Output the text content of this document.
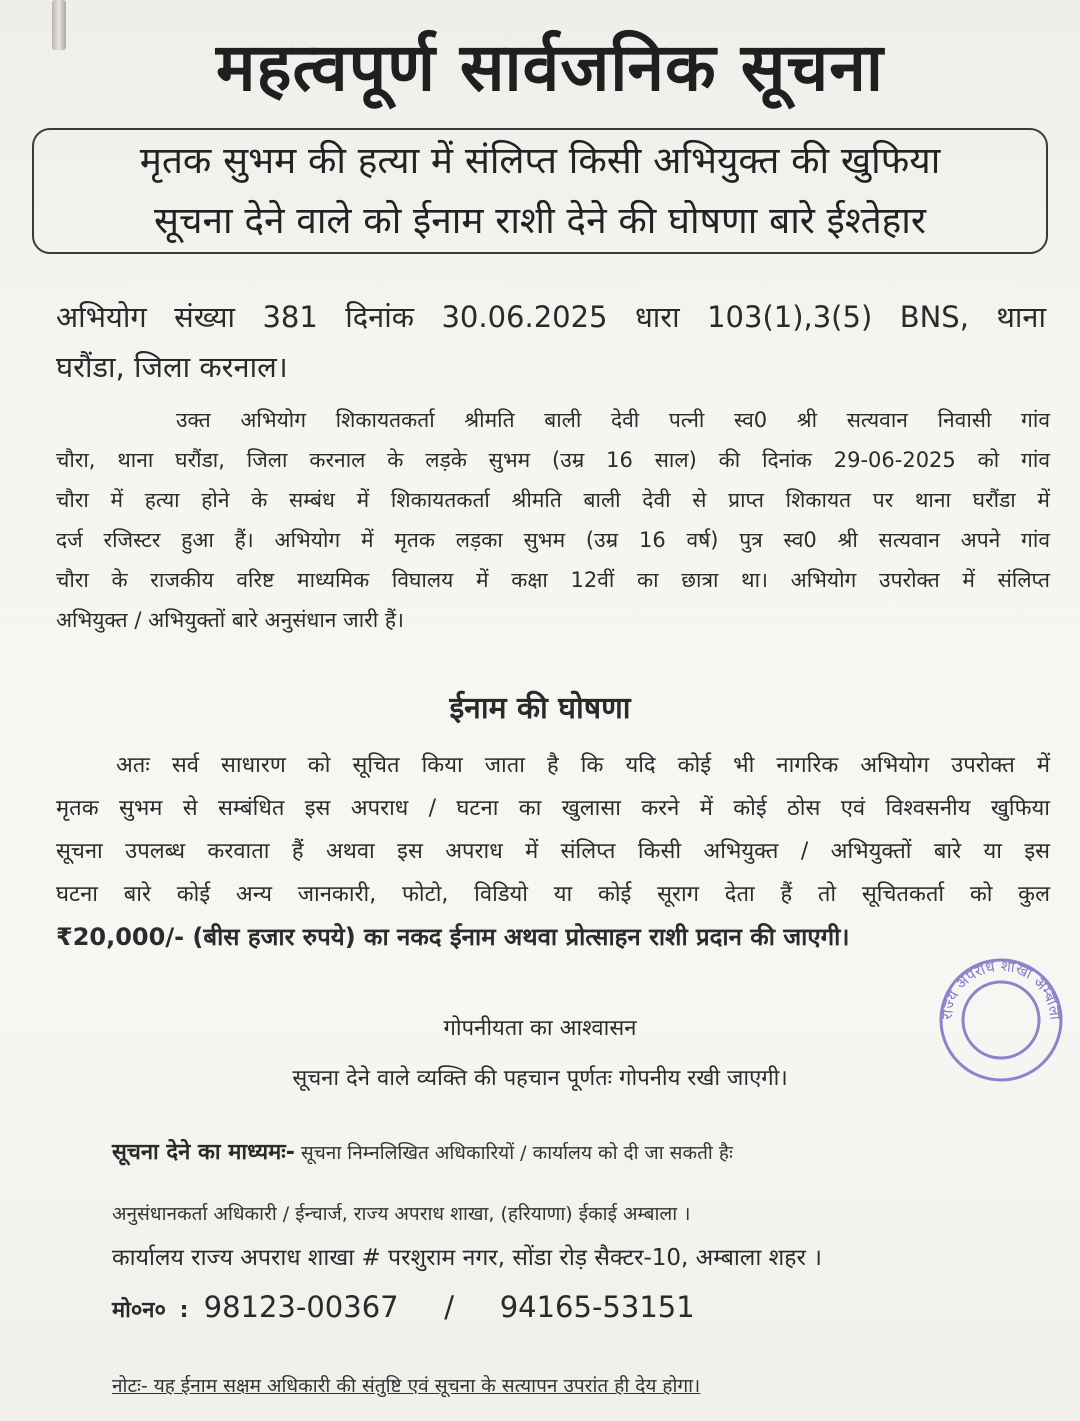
महत्वपूर्ण सार्वजनिक सूचना
मृतक सुभम की हत्या में संलिप्त किसी अभियुक्त की खुफिया
सूचना देने वाले को ईनाम राशी देने की घोषणा बारे ईश्तेहार
अभियोग संख्या 381 दिनांक 30.06.2025 धारा 103(1),3(5) BNS, थाना
घरौंडा, जिला करनाल।
उक्त अभियोग शिकायतकर्ता श्रीमति बाली देवी पत्नी स्व0 श्री सत्यवान निवासी गांव
चौरा, थाना घरौंडा, जिला करनाल के लड़के सुभम (उम्र 16 साल) की दिनांक 29-06-2025 को गांव
चौरा में हत्या होने के सम्बंध में शिकायतकर्ता श्रीमति बाली देवी से प्राप्त शिकायत पर थाना घरौंडा में
दर्ज रजिस्टर हुआ हैं। अभियोग में मृतक लड़का सुभम (उम्र 16 वर्ष) पुत्र स्व0 श्री सत्यवान अपने गांव
चौरा के राजकीय वरिष्ट माध्यमिक विघालय में कक्षा 12वीं का छात्रा था। अभियोग उपरोक्त में संलिप्त
अभियुक्त / अभियुक्तों बारे अनुसंधान जारी हैं।
ईनाम की घोषणा
अतः सर्व साधारण को सूचित किया जाता है कि यदि कोई भी नागरिक अभियोग उपरोक्त में
मृतक सुभम से सम्बंधित इस अपराध / घटना का खुलासा करने में कोई ठोस एवं विश्वसनीय खुफिया
सूचना उपलब्ध करवाता हैं अथवा इस अपराध में संलिप्त किसी अभियुक्त / अभियुक्तों बारे या इस
घटना बारे कोई अन्य जानकारी, फोटो, विडियो या कोई सूराग देता हैं तो सूचितकर्ता को कुल
₹20,000/- (बीस हजार रुपये) का नकद ईनाम अथवा प्रोत्साहन राशी प्रदान की जाएगी।
गोपनीयता का आश्वासन
सूचना देने वाले व्यक्ति की पहचान पूर्णतः गोपनीय रखी जाएगी।
सूचना देने का माध्यमः- सूचना निम्नलिखित अधिकारियों / कार्यालय को दी जा सकती हैः
अनुसंधानकर्ता अधिकारी / ईन्चार्ज, राज्य अपराध शाखा, (हरियाणा) ईकाई अम्बाला ।
कार्यालय राज्य अपराध शाखा # परशुराम नगर, सोंडा रोड़ सैक्टर-10, अम्बाला शहर ।
मो०न० : 98123-00367 / 94165-53151
नोटः- यह ईनाम सक्षम अधिकारी की संतुष्टि एवं सूचना के सत्यापन उपरांत ही देय होगा।
राज्य अपराध शाखा अम्बाला
